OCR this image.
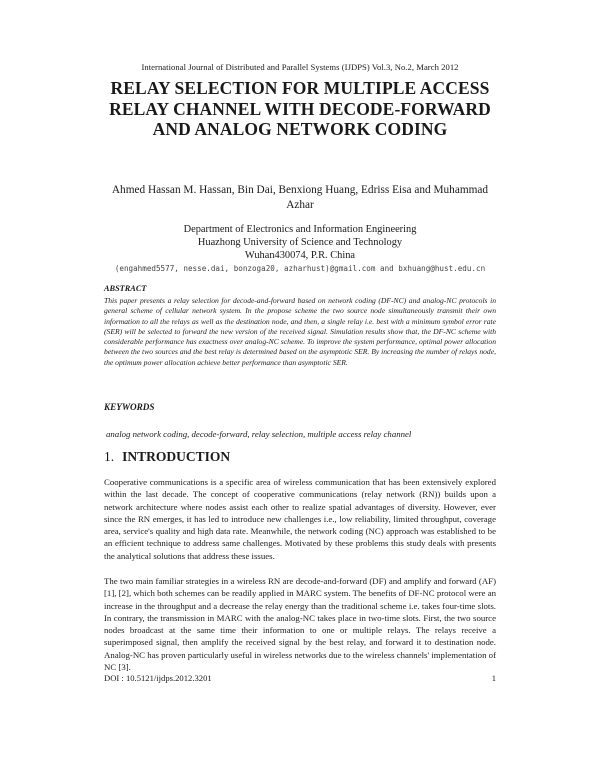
International Journal of Distributed and Parallel Systems (IJDPS) Vol.3, No.2, March 2012
RELAY SELECTION FOR MULTIPLE ACCESS RELAY CHANNEL WITH DECODE-FORWARD AND ANALOG NETWORK CODING
Ahmed Hassan M. Hassan, Bin Dai, Benxiong Huang, Edriss Eisa and Muhammad Azhar
Department of Electronics and Information Engineering
Huazhong University of Science and Technology
Wuhan430074, P.R. China
(engahmed5577, nesse.dai, bonzoga20, azharhust)@gmail.com and bxhuang@hust.edu.cn
ABSTRACT

This paper presents a relay selection for decode-and-forward based on network coding (DF-NC) and analog-NC protocols in general scheme of cellular network system. In the propose scheme the two source node simultaneously transmit their own information to all the relays as well as the destination node, and then, a single relay i.e. best with a minimum symbol error rate (SER) will be selected to forward the new version of the received signal. Simulation results show that, the DF-NC scheme with considerable performance has exactness over analog-NC scheme. To improve the system performance, optimal power allocation between the two sources and the best relay is determined based on the asymptotic SER. By increasing the number of relays node, the optimum power allocation achieve better performance than asymptotic SER.

KEYWORDS

analog network coding, decode-forward, relay selection, multiple access relay channel

1. INTRODUCTION

Cooperative communications is a specific area of wireless communication that has been extensively explored within the last decade. The concept of cooperative communications (relay network (RN)) builds upon a network architecture where nodes assist each other to realize spatial advantages of diversity. However, ever since the RN emerges, it has led to introduce new challenges i.e., low reliability, limited throughput, coverage area, service's quality and high data rate. Meanwhile, the network coding (NC) approach was established to be an efficient technique to address same challenges. Motivated by these problems this study deals with presents the analytical solutions that address these issues.

The two main familiar strategies in a wireless RN are decode-and-forward (DF) and amplify and forward (AF) [1], [2], which both schemes can be readily applied in MARC system. The benefits of DF-NC protocol were an increase in the throughput and a decrease the relay energy than the traditional scheme i.e. takes four-time slots. In contrary, the transmission in MARC with the analog-NC takes place in two-time slots. First, the two source nodes broadcast at the same time their information to one or multiple relays. The relays receive a superimposed signal, then amplify the received signal by the best relay, and forward it to destination node. Analog-NC has proven particularly useful in wireless networks due to the wireless channels' implementation of NC [3].

DOI : 10.5121/ijdps.2012.3201	1
